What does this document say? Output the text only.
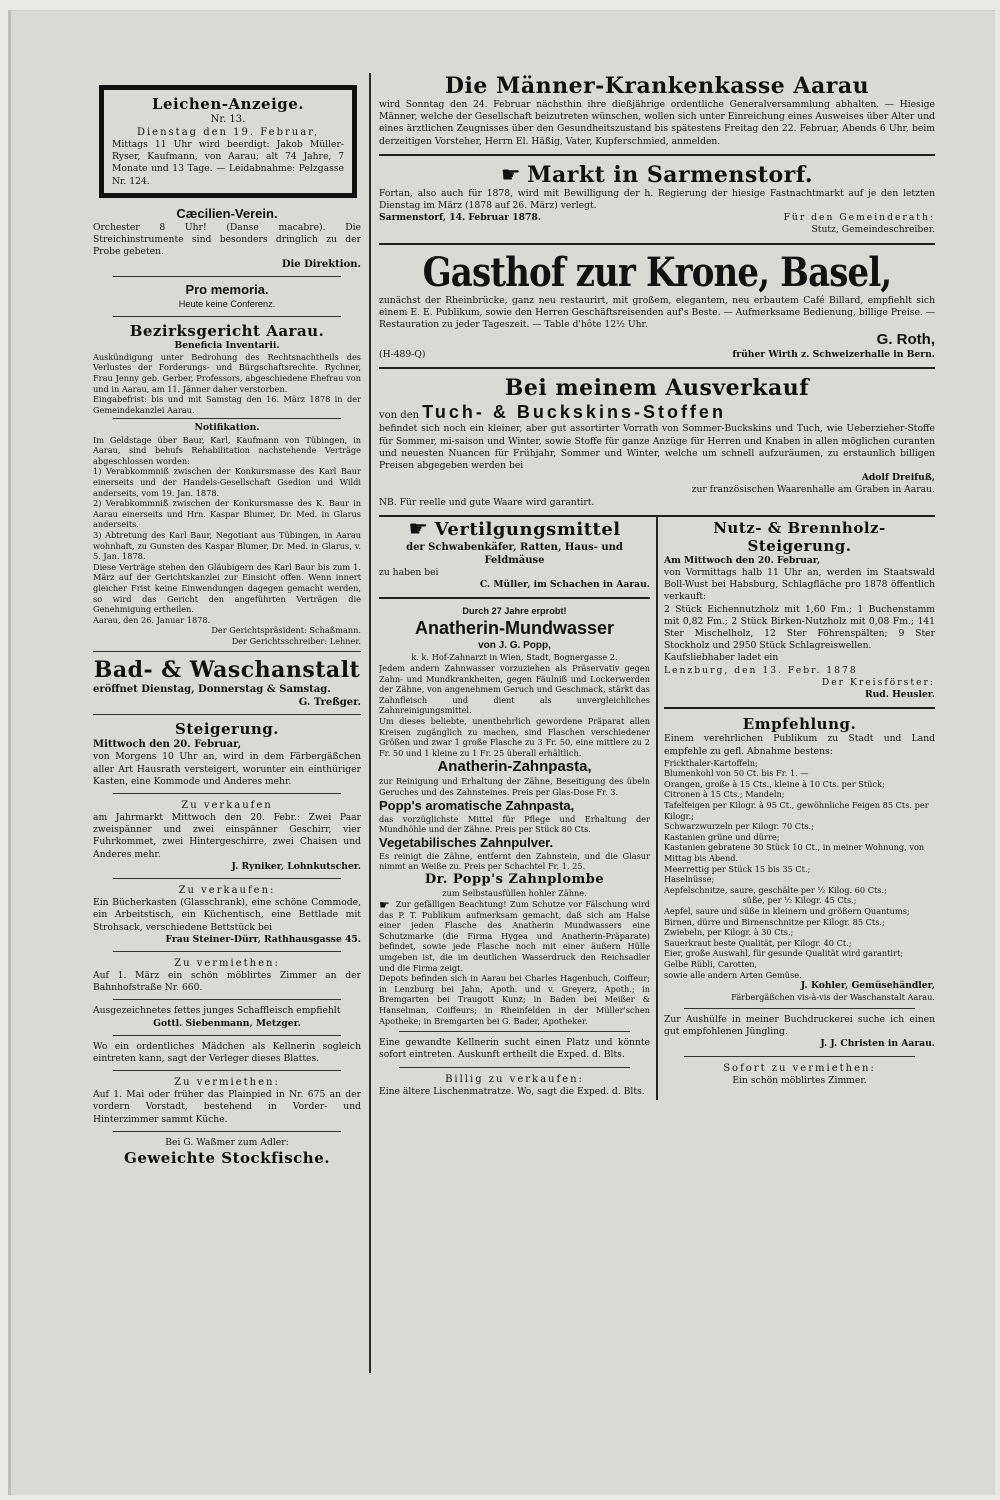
Leichen-Anzeige.

Nr. 13.

Dienstag den 19. Februar,

Mittags 11 Uhr wird beerdigt: Jakob Müller-Ryser, Kaufmann, von Aarau; alt 74 Jahre, 7 Monate und 13 Tage. — Leidabnahme: Pelzgasse Nr. 124.

Cæcilien-Verein.

Orchester 8 Uhr! (Danse macabre). Die Streichinstrumente sind besonders dringlich zu der Probe gebeten.

Die Direktion.

Pro memoria.

Heute keine Conferenz.

Bezirksgericht Aarau.

Beneficia Inventarii.

Auskündigung unter Bedrohung des Rechtsnachtheils des Verlustes der Forderungs- und Bürgschaftsrechte. Rychner, Frau Jenny geb. Gerber, Professors, abgeschiedene Ehefrau von und in Aarau, am 11. Jänner daher verstorben.

Eingabefrist: bis und mit Samstag den 16. März 1878 in der Gemeindekanzlei Aarau.

Notifikation.

Im Geldstage über Baur, Karl, Kaufmann von Tübingen, in Aarau, sind behufs Rehabilitation nachstehende Verträge abgeschlossen worden:

1) Verabkommniß zwischen der Konkursmasse des Karl Baur einerseits und der Handels-Gesellschaft Gsedion und Wildi anderseits, vom 19. Jan. 1878.

2) Verabkommniß zwischen der Konkursmasse des K. Baur in Aarau einerseits und Hrn. Kaspar Blumer, Dr. Med. in Glarus anderseits.

3) Abtretung des Karl Baur, Negotiant aus Tübingen, in Aarau wohnhaft, zu Gunsten des Kaspar Blumer, Dr. Med. in Glarus, v. 5. Jan. 1878.

Diese Verträge stehen den Gläubigern des Karl Baur bis zum 1. März auf der Gerichtskanzlei zur Einsicht offen. Wenn innert gleicher Frist keine Einwendungen dagegen gemacht werden, so wird das Gericht den angeführten Verträgen die Genehmigung ertheilen.

Aarau, den 26. Januar 1878.

Der Gerichtspräsident: Schaßmann.

Der Gerichtsschreiber: Lehner.

Bad- & Waschanstalt

eröffnet Dienstag, Donnerstag & Samstag.

G. Treßger.

Steigerung.

Mittwoch den 20. Februar,

von Morgens 10 Uhr an, wird in dem Färbergäßchen aller Art Hausrath versteigert, worunter ein einthüriger Kasten, eine Kommode und Anderes mehr.

Zu verkaufen

am Jahrmarkt Mittwoch den 20. Febr.: Zwei Paar zweispänner und zwei einspänner Geschirr, vier Fuhrkommet, zwei Hintergeschirre, zwei Chaisen und Anderes mehr.

J. Ryniker, Lohnkutscher.

Zu verkaufen:

Ein Bücherkasten (Glasschrank), eine schöne Commode, ein Arbeitstisch, ein Küchentisch, eine Bettlade mit Strohsack, verschiedene Bettstück bei

Frau Steiner-Dürr, Rathhausgasse 45.

Zu vermiethen:

Auf 1. März ein schön möblirtes Zimmer an der Bahnhofstraße Nr. 660.

Ausgezeichnetes fettes junges Schaffleisch empfiehlt

Gottl. Siebenmann, Metzger.

Wo ein ordentliches Mädchen als Kellnerin sogleich eintreten kann, sagt der Verleger dieses Blattes.

Zu vermiethen:

Auf 1. Mai oder früher das Plainpied in Nr. 675 an der vordern Vorstadt, bestehend in Vorder- und Hinterzimmer sammt Küche.

Bei G. Waßmer zum Adler:

Geweichte Stockfische.

Die Männer-Krankenkasse Aarau

wird Sonntag den 24. Februar nächsthin ihre dießjährige ordentliche Generalversammlung abhalten. — Hiesige Männer, welche der Gesellschaft beizutreten wünschen, wollen sich unter Einreichung eines Ausweises über Alter und eines ärztlichen Zeugnisses über den Gesundheitszustand bis spätestens Freitag den 22. Februar, Abends 6 Uhr, beim derzeitigen Vorsteher, Herrn El. Häßig, Vater, Kupferschmied, anmelden.

☛ Markt in Sarmenstorf.

Fortan, also auch für 1878, wird mit Bewilligung der h. Regierung der hiesige Fastnachtmarkt auf je den letzten Dienstag im März (1878 auf 26. März) verlegt.

Sarmenstorf, 14. Februar 1878.	Für den Gemeinderath:

Stutz, Gemeindeschreiber.

Gasthof zur Krone, Basel,

zunächst der Rheinbrücke, ganz neu restaurirt, mit großem, elegantem, neu erbautem Café Billard, empfiehlt sich einem E. E. Publikum, sowie den Herren Geschäftsreisenden auf's Beste. — Aufmerksame Bedienung, billige Preise. — Restauration zu jeder Tageszeit. — Table d'hôte 12½ Uhr.

G. Roth,

(H-489-Q)	früher Wirth z. Schweizerhalle in Bern.

Bei meinem Ausverkauf

von den Tuch- & Buckskins-Stoffen

befindet sich noch ein kleiner, aber gut assortirter Vorrath von Sommer-Buckskins und Tuch, wie Ueberzieher-Stoffe für Sommer, mi-saison und Winter, sowie Stoffe für ganze Anzüge für Herren und Knaben in allen möglichen curanten und neuesten Nuancen für Frühjahr, Sommer und Winter, welche um schnell aufzuräumen, zu erstaunlich billigen Preisen abgegeben werden bei

Adolf Dreifuß,

zur französischen Waarenhalle am Graben in Aarau.

NB. Für reelle und gute Waare wird garantirt.

☛ Vertilgungsmittel

der Schwabenkäfer, Ratten, Haus- und Feldmäuse

zu haben bei

C. Müller, im Schachen in Aarau.

Durch 27 Jahre erprobt!

Anatherin-Mundwasser

von J. G. Popp,

k. k. Hof-Zahnarzt in Wien, Stadt, Bognergasse 2.

Jedem andern Zahnwasser vorzuziehen als Präservativ gegen Zahn- und Mundkrankheiten, gegen Fäulniß und Lockerwerden der Zähne, von angenehmem Geruch und Geschmack, stärkt das Zahnfleisch und dient als unvergleichliches Zahnreinigungsmittel.

Um dieses beliebte, unentbehrlich gewordene Präparat allen Kreisen zugänglich zu machen, sind Flaschen verschiedener Größen und zwar 1 große Flasche zu 3 Fr. 50, eine mittlere zu 2 Fr. 50 und 1 kleine zu 1 Fr. 25 überall erhältlich.

Anatherin-Zahnpasta,

zur Reinigung und Erhaltung der Zähne, Beseitigung des übeln Geruches und des Zahnsteines. Preis per Glas-Dose Fr. 3.

Popp's aromatische Zahnpasta,

das vorzüglichste Mittel für Pflege und Erhaltung der Mundhöhle und der Zähne. Preis per Stück 80 Cts.

Vegetabilisches Zahnpulver.

Es reinigt die Zähne, entfernt den Zahnstein, und die Glasur nimmt an Weiße zu. Preis per Schachtel Fr. 1. 25.

Dr. Popp's Zahnplombe

zum Selbstausfüllen hohler Zähne.

☛ Zur gefälligen Beachtung! Zum Schutze vor Fälschung wird das P. T. Publikum aufmerksam gemacht, daß sich am Halse einer jeden Flasche des Anatherin Mundwassers eine Schutzmarke (die Firma Hygea und Anatherin-Präparate) befindet, sowie jede Flasche noch mit einer äußern Hülle umgeben ist, die im deutlichen Wasserdruck den Reichsadler und die Firma zeigt.

Depots befinden sich in Aarau bei Charles Hagenbuch, Coiffeur; in Lenzburg bei Jahn, Apoth. und v. Greyerz, Apoth.; in Bremgarten bei Traugott Kunz; in Baden bei Meißer & Hanselman, Coiffeurs; in Rheinfelden in der Müller'schen Apotheke; in Bremgarten bei G. Bader, Apotheker.

Eine gewandte Kellnerin sucht einen Platz und könnte sofort eintreten. Auskunft ertheilt die Exped. d. Blts.

Billig zu verkaufen:

Eine ältere Lischenmatratze. Wo, sagt die Exped. d. Blts.

Nutz- & Brennholz-Steigerung.

Am Mittwoch den 20. Februar,

von Vormittags halb 11 Uhr an, werden im Staatswald Boll-Wust bei Habsburg, Schlagfläche pro 1878 öffentlich verkauft:

2 Stück Eichennutzholz mit 1,60 Fm.; 1 Buchenstamm mit 0,82 Fm.; 2 Stück Birken-Nutzholz mit 0,08 Fm.; 141 Ster Mischelholz, 12 Ster Föhrenspälten; 9 Ster Stockholz und 2950 Stück Schlagreiswellen.

Kaufsliebhaber ladet ein

Lenzburg, den 13. Febr. 1878

Der Kreisförster:

Rud. Heusler.

Empfehlung.

Einem verehrlichen Publikum zu Stadt und Land empfehle zu gefl. Abnahme bestens:

Frickthaler-Kartoffeln;

Blumenkohl von 50 Ct. bis Fr. 1. —

Orangen, große à 15 Cts., kleine à 10 Cts. per Stück;

Citronen à 15 Cts.; Mandeln;

Tafelfeigen per Kilogr. à 95 Ct., gewöhnliche Feigen 85 Cts. per Kilogr.;

Schwarzwurzeln per Kilogr. 70 Cts.;

Kastanien grüne und dürre;

Kastanien gebratene 30 Stück 10 Ct., in meiner Wohnung, von Mittag bis Abend.

Meerrettig per Stück 15 bis 35 Ct.;

Haselnüsse;

Aepfelschnitze, saure, geschälte per ½ Kilog. 60 Cts.;

süße, per ½ Kilogr. 45 Cts.;

Aepfel, saure und süße in kleinern und größern Quantums;

Birnen, dürre und Birnenschnitze per Kilogr. 85 Cts.;

Zwiebeln, per Kilogr. à 30 Cts.;

Sauerkraut beste Qualität, per Kilogr. 40 Ct.;

Eier, große Auswahl, für gesunde Qualität wird garantirt;

Gelbe Rübli, Carotten,

sowie alle andern Arten Gemüse.

J. Kohler, Gemüsehändler,

Färbergäßchen vis-à-vis der Waschanstalt Aarau.

Zur Aushülfe in meiner Buchdruckerei suche ich einen gut empfohlenen Jüngling.

J. J. Christen in Aarau.

Sofort zu vermiethen:

Ein schön möblirtes Zimmer.
